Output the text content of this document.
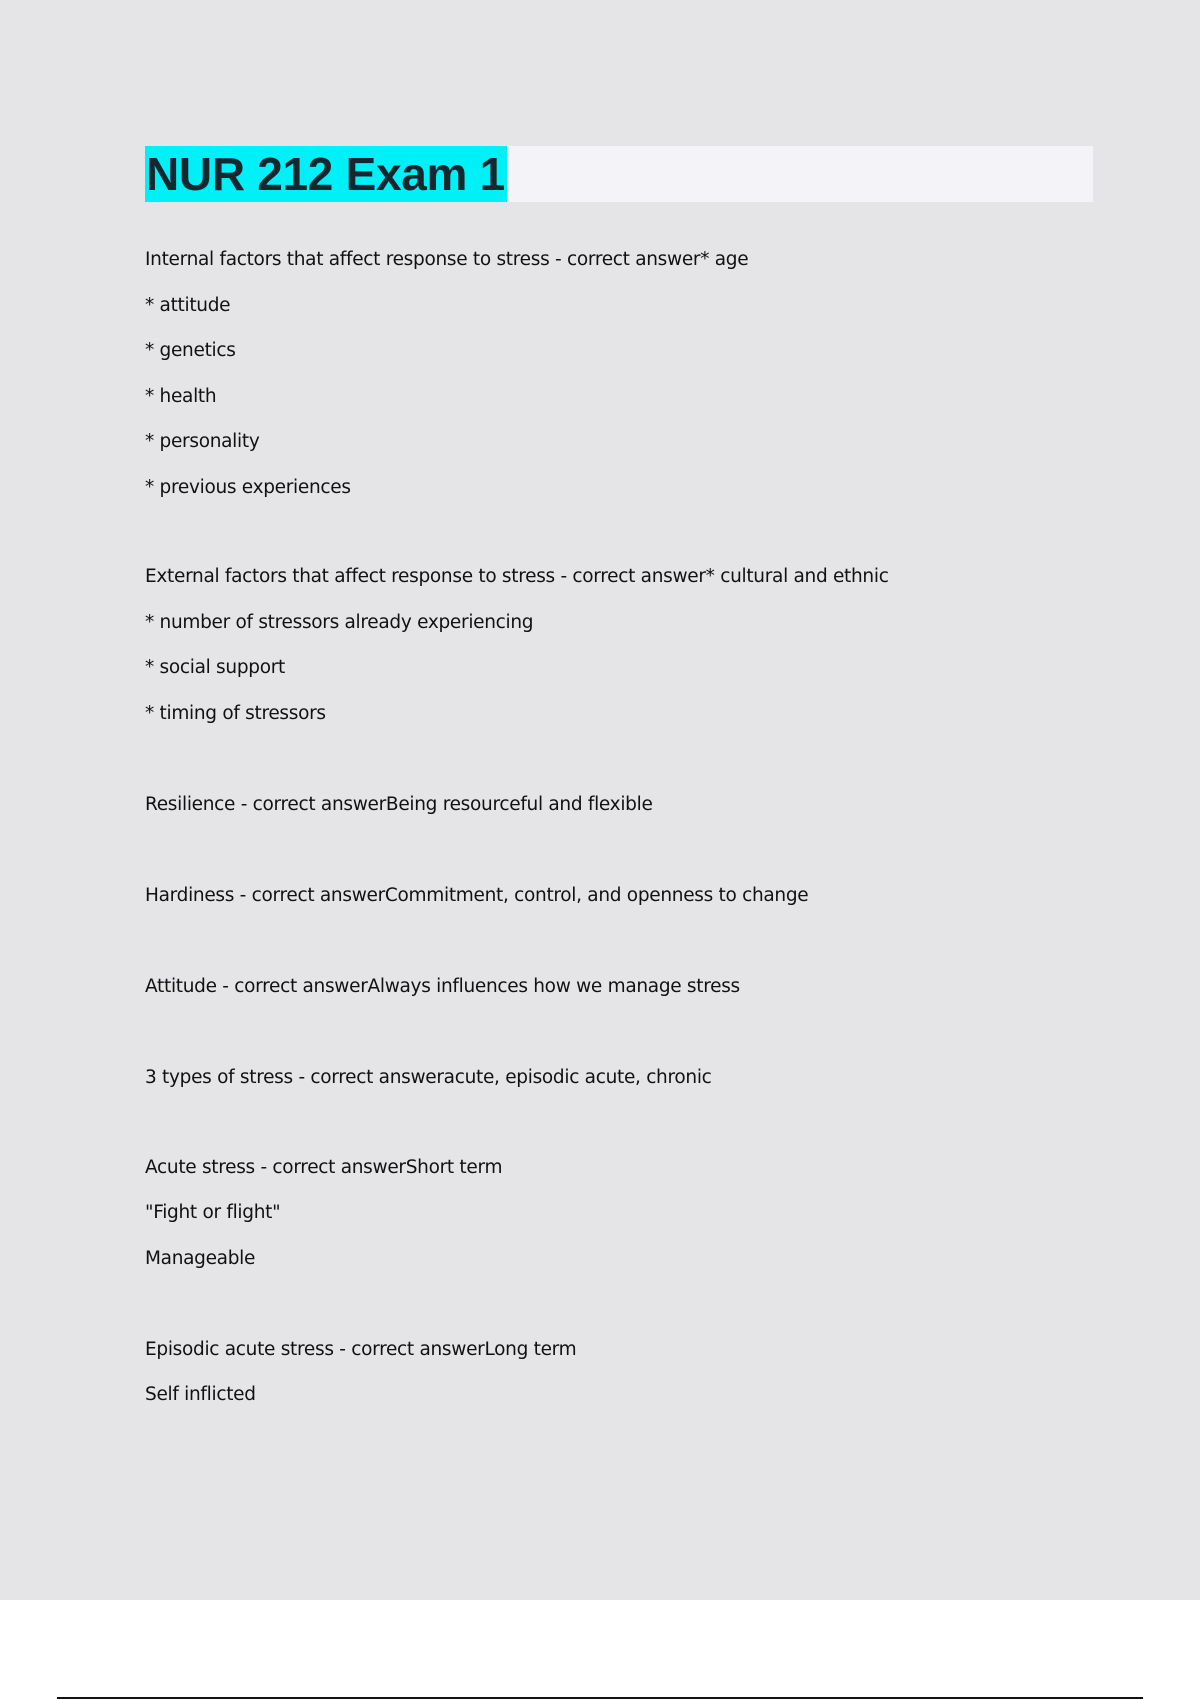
NUR 212 Exam 1
Internal factors that affect response to stress - correct answer* age
* attitude
* genetics
* health
* personality
* previous experiences
External factors that affect response to stress - correct answer* cultural and ethnic
* number of stressors already experiencing
* social support
* timing of stressors
Resilience - correct answerBeing resourceful and flexible
Hardiness - correct answerCommitment, control, and openness to change
Attitude - correct answerAlways influences how we manage stress
3 types of stress - correct answeracute, episodic acute, chronic
Acute stress - correct answerShort term
"Fight or flight"
Manageable
Episodic acute stress - correct answerLong term
Self inflicted
